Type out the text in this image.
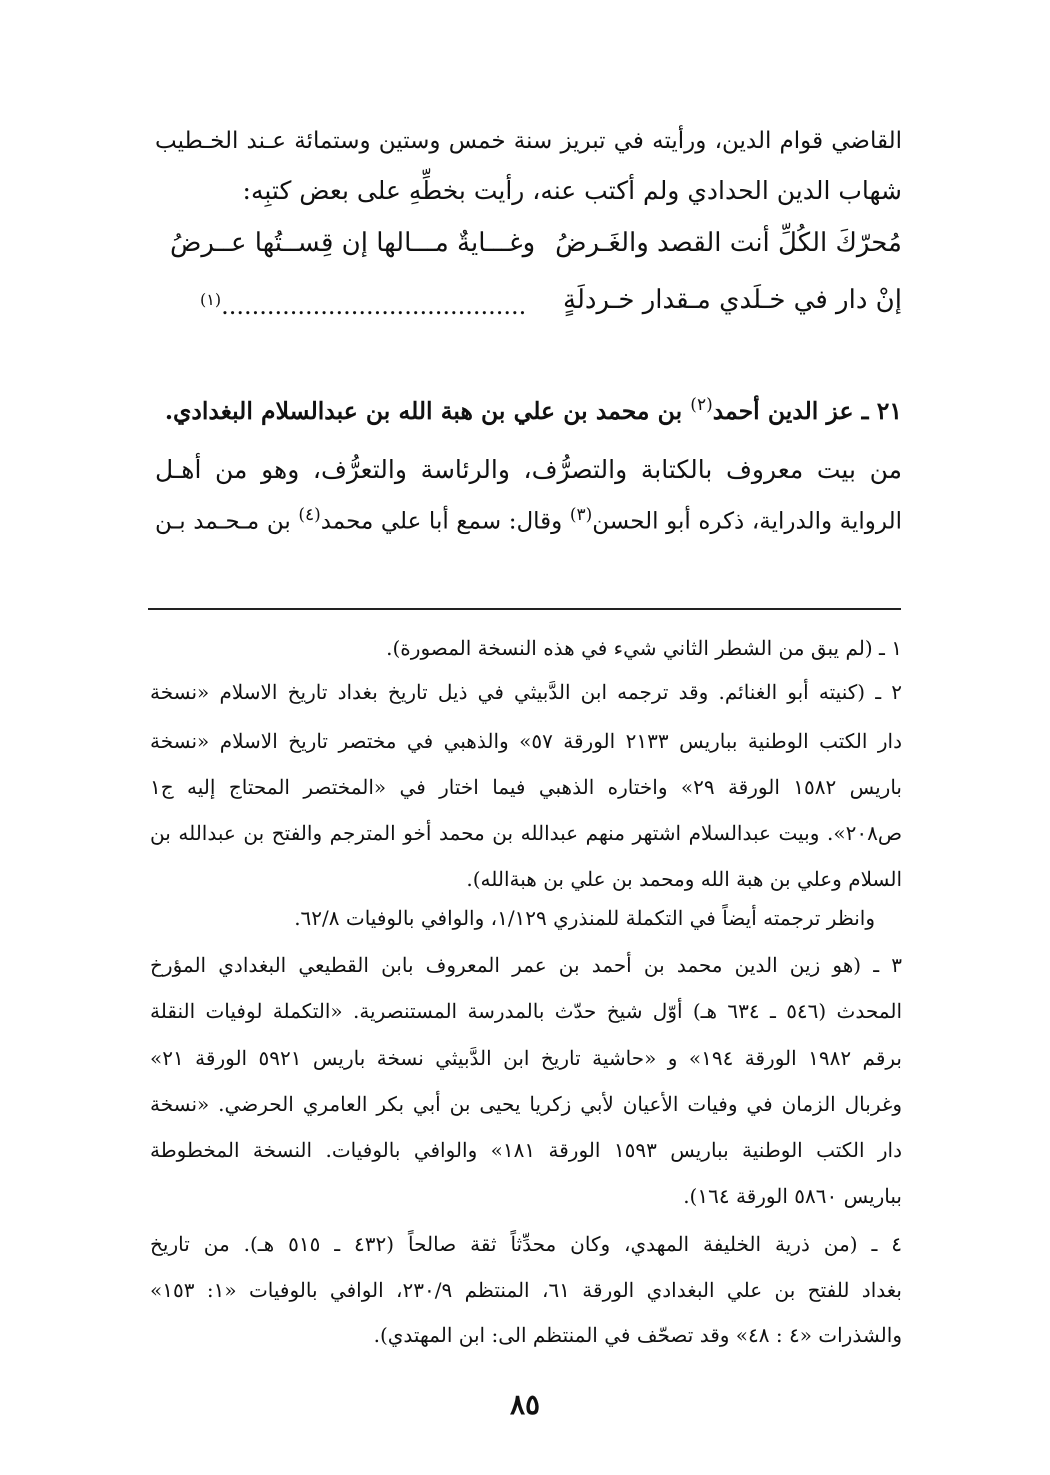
القاضي قوام الدين، ورأيته في تبريز سنة خمس وستين وستمائة عـند الخـطيب
شهاب الدين الحدادي ولم أكتب عنه، رأيت بخطِّهِ على بعض كتبِه:
مُحرّكَ الكُلِّ أنت القصد والغَـرضُ
وغـــايةٌ مـــالها إن قِســتُها عــرضُ
إنْ دار في خـلَدي مـقدار خـردلَةٍ
........................................$^{(١)}$
٢١ ـ عز الدين أحمد$^{(٢)}$ بن محمد بن علي بن هبة الله بن عبدالسلام البغدادي.
من بيت معروف بالكتابة والتصرُّف، والرئاسة والتعرُّف، وهو من أهـل
الرواية والدراية، ذكره أبو الحسن$^{(٣)}$ وقال: سمع أبا علي محمد$^{(٤)}$ بن مـحـمد بـن
١ ـ (لم يبق من الشطر الثاني شيء في هذه النسخة المصورة).
٢ ـ (كنيته أبو الغنائم. وقد ترجمه ابن الدَّبيثي في ذيل تاريخ بغداد تاريخ الاسلام «نسخة
دار الكتب الوطنية بباريس ٢١٣٣ الورقة ٥٧» والذهبي في مختصر تاريخ الاسلام «نسخة
باريس ١٥٨٢ الورقة ٢٩» واختاره الذهبي فيما اختار في «المختصر المحتاج إليه ج١
ص٢٠٨». وبيت عبدالسلام اشتهر منهم عبدالله بن محمد أخو المترجم والفتح بن عبدالله بن
السلام وعلي بن هبة الله ومحمد بن علي بن هبةالله).
وانظر ترجمته أيضاً في التكملة للمنذري ١/١٢٩، والوافي بالوفيات ٦٢/٨.
٣ ـ (هو زين الدين محمد بن أحمد بن عمر المعروف بابن القطيعي البغدادي المؤرخ
المحدث (٥٤٦ ـ ٦٣٤ هـ) أوّل شيخ حدّث بالمدرسة المستنصرية. «التكملة لوفيات النقلة
برقم ١٩٨٢ الورقة ١٩٤» و «حاشية تاريخ ابن الدَّبيثي نسخة باريس ٥٩٢١ الورقة ٢١»
وغربال الزمان في وفيات الأعيان لأبي زكريا يحيى بن أبي بكر العامري الحرضي. «نسخة
دار الكتب الوطنية بباريس ١٥٩٣ الورقة ١٨١» والوافي بالوفيات. النسخة المخطوطة
بباريس ٥٨٦٠ الورقة ١٦٤).
٤ ـ (من ذرية الخليفة المهدي، وكان محدِّثاً ثقة صالحاً (٤٣٢ ـ ٥١٥ هـ). من تاريخ
بغداد للفتح بن علي البغدادي الورقة ٦١، المنتظم ٢٣٠/٩، الوافي بالوفيات «١: ١٥٣»
والشذرات «٤ : ٤٨» وقد تصحّف في المنتظم الى: ابن المهتدي).
٨٥
